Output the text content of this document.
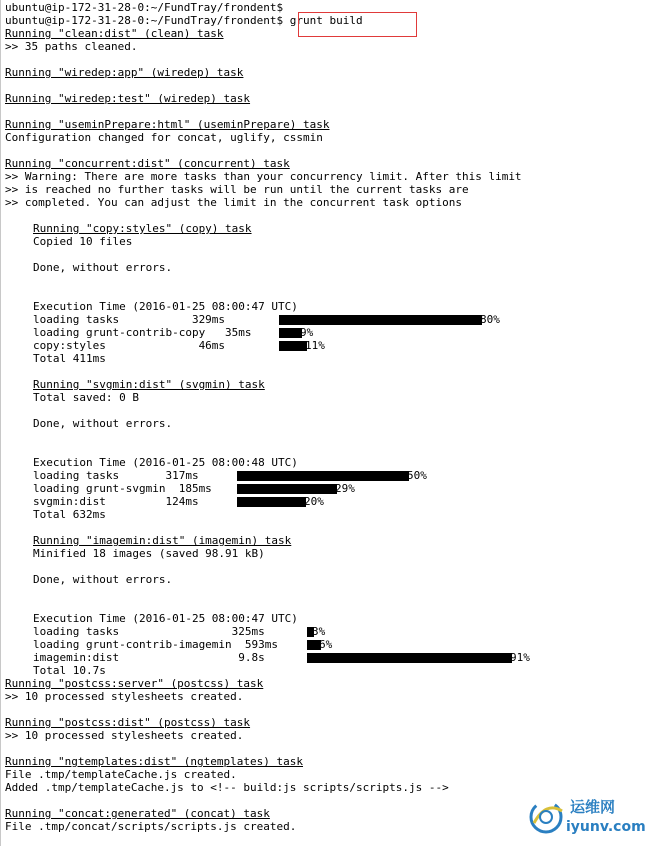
ubuntu@ip-172-31-28-0:~/FundTray/frondent$
ubuntu@ip-172-31-28-0:~/FundTray/frondent$ grunt build
Running "clean:dist" (clean) task
>> 35 paths cleaned.
Running "wiredep:app" (wiredep) task
Running "wiredep:test" (wiredep) task
Running "useminPrepare:html" (useminPrepare) task
Configuration changed for concat, uglify, cssmin
Running "concurrent:dist" (concurrent) task
>> Warning: There are more tasks than your concurrency limit. After this limit
>> is reached no further tasks will be run until the current tasks are
>> completed. You can adjust the limit in the concurrent task options
Running "copy:styles" (copy) task
Copied 10 files
Done, without errors.
Execution Time (2016-01-25 08:00:47 UTC)
loading tasks           329ms
loading grunt-contrib-copy   35ms
copy:styles              46ms
Total 411ms
Running "svgmin:dist" (svgmin) task
Total saved: 0 B
Done, without errors.
Execution Time (2016-01-25 08:00:48 UTC)
loading tasks       317ms
loading grunt-svgmin  185ms
svgmin:dist         124ms
Total 632ms
Running "imagemin:dist" (imagemin) task
Minified 18 images (saved 98.91 kB)
Done, without errors.
Execution Time (2016-01-25 08:00:47 UTC)
loading tasks                 325ms
loading grunt-contrib-imagemin  593ms
imagemin:dist                  9.8s
Total 10.7s
Running "postcss:server" (postcss) task
>> 10 processed stylesheets created.
Running "postcss:dist" (postcss) task
>> 10 processed stylesheets created.
Running "ngtemplates:dist" (ngtemplates) task
File .tmp/templateCache.js created.
Added .tmp/templateCache.js to <!-- build:js scripts/scripts.js -->
Running "concat:generated" (concat) task
File .tmp/concat/scripts/scripts.js created.
80%
9%
11%
50%
29%
20%
3%
6%
91%
运维网
iyunv.com
